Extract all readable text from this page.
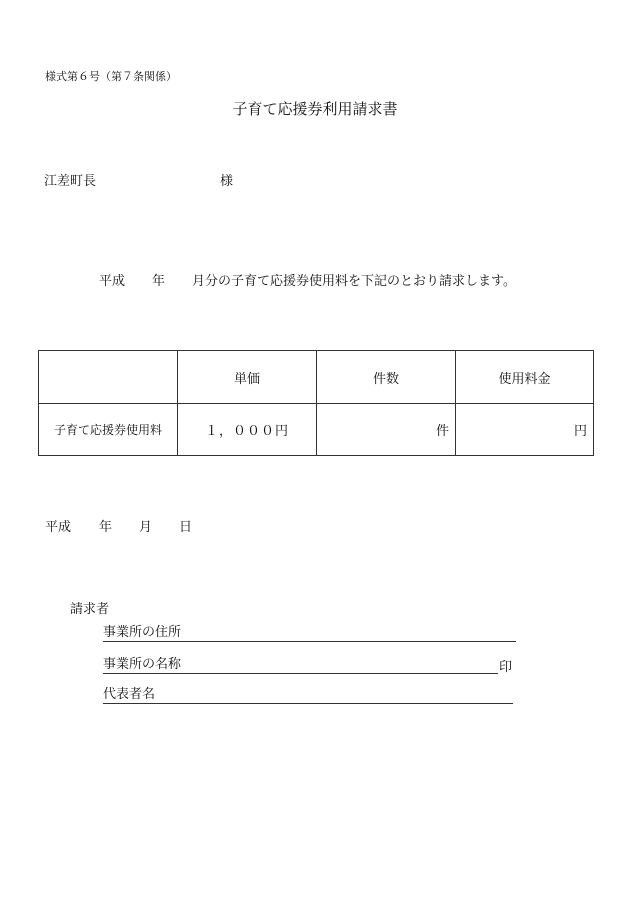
様式第６号（第７条関係）
子育て応援券利用請求書
江差町長	様
平成 年 月分の子育て応援券使用料を下記のとおり請求します。
	単価	件数	使用料金
子育て応援券使用料	１，０００円	件	円
平成 年 月 日
請求者
事業所の住所
事業所の名称	印
代表者名
